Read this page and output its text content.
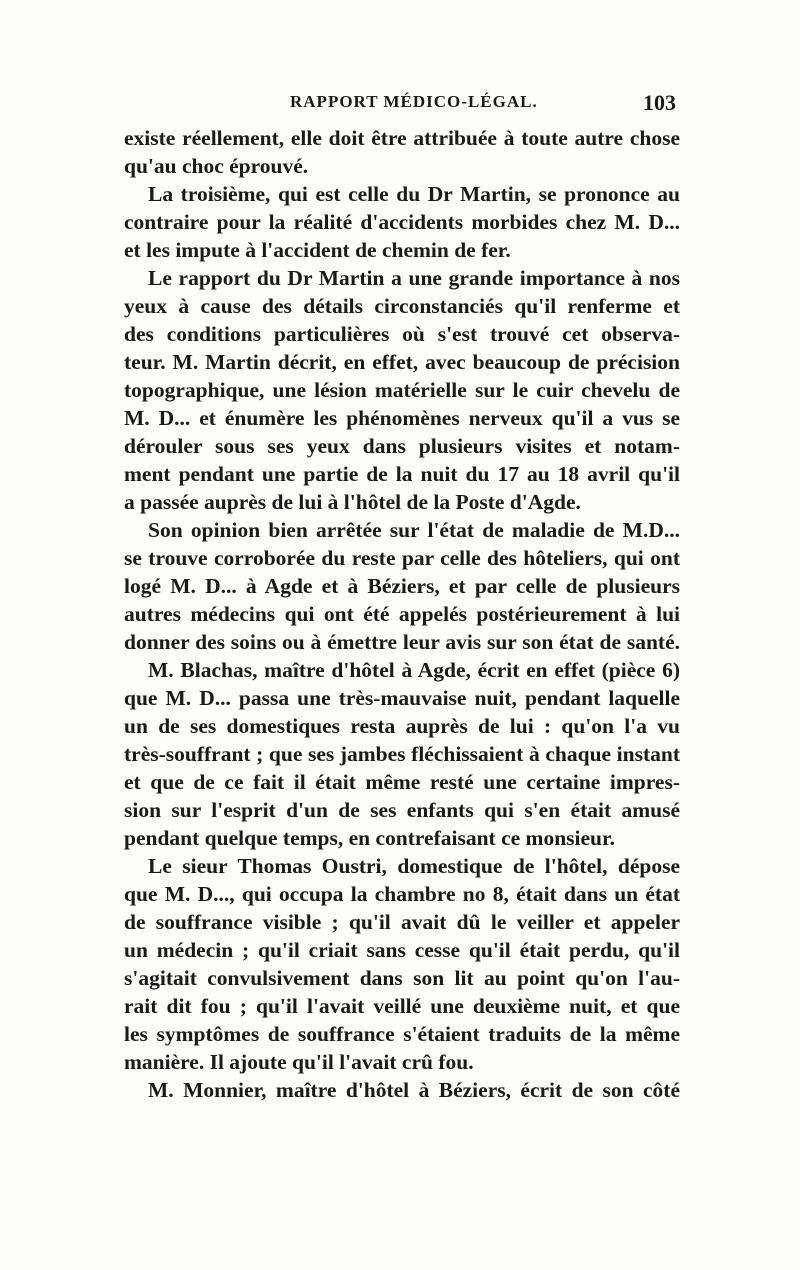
RAPPORT MÉDICO-LÉGAL.	103
existe réellement, elle doit être attribuée à toute autre chose
qu'au choc éprouvé.
La troisième, qui est celle du Dr Martin, se prononce au
contraire pour la réalité d'accidents morbides chez M. D...
et les impute à l'accident de chemin de fer.
Le rapport du Dr Martin a une grande importance à nos
yeux à cause des détails circonstanciés qu'il renferme et
des conditions particulières où s'est trouvé cet observa-
teur. M. Martin décrit, en effet, avec beaucoup de précision
topographique, une lésion matérielle sur le cuir chevelu de
M. D... et énumère les phénomènes nerveux qu'il a vus se
dérouler sous ses yeux dans plusieurs visites et notam-
ment pendant une partie de la nuit du 17 au 18 avril qu'il
a passée auprès de lui à l'hôtel de la Poste d'Agde.
Son opinion bien arrêtée sur l'état de maladie de M.D...
se trouve corroborée du reste par celle des hôteliers, qui ont
logé M. D... à Agde et à Béziers, et par celle de plusieurs
autres médecins qui ont été appelés postérieurement à lui
donner des soins ou à émettre leur avis sur son état de santé.
M. Blachas, maître d'hôtel à Agde, écrit en effet (pièce 6)
que M. D... passa une très-mauvaise nuit, pendant laquelle
un de ses domestiques resta auprès de lui : qu'on l'a vu
très-souffrant ; que ses jambes fléchissaient à chaque instant
et que de ce fait il était même resté une certaine impres-
sion sur l'esprit d'un de ses enfants qui s'en était amusé
pendant quelque temps, en contrefaisant ce monsieur.
Le sieur Thomas Oustri, domestique de l'hôtel, dépose
que M. D..., qui occupa la chambre no 8, était dans un état
de souffrance visible ; qu'il avait dû le veiller et appeler
un médecin ; qu'il criait sans cesse qu'il était perdu, qu'il
s'agitait convulsivement dans son lit au point qu'on l'au-
rait dit fou ; qu'il l'avait veillé une deuxième nuit, et que
les symptômes de souffrance s'étaient traduits de la même
manière. Il ajoute qu'il l'avait crû fou.
M. Monnier, maître d'hôtel à Béziers, écrit de son côté
